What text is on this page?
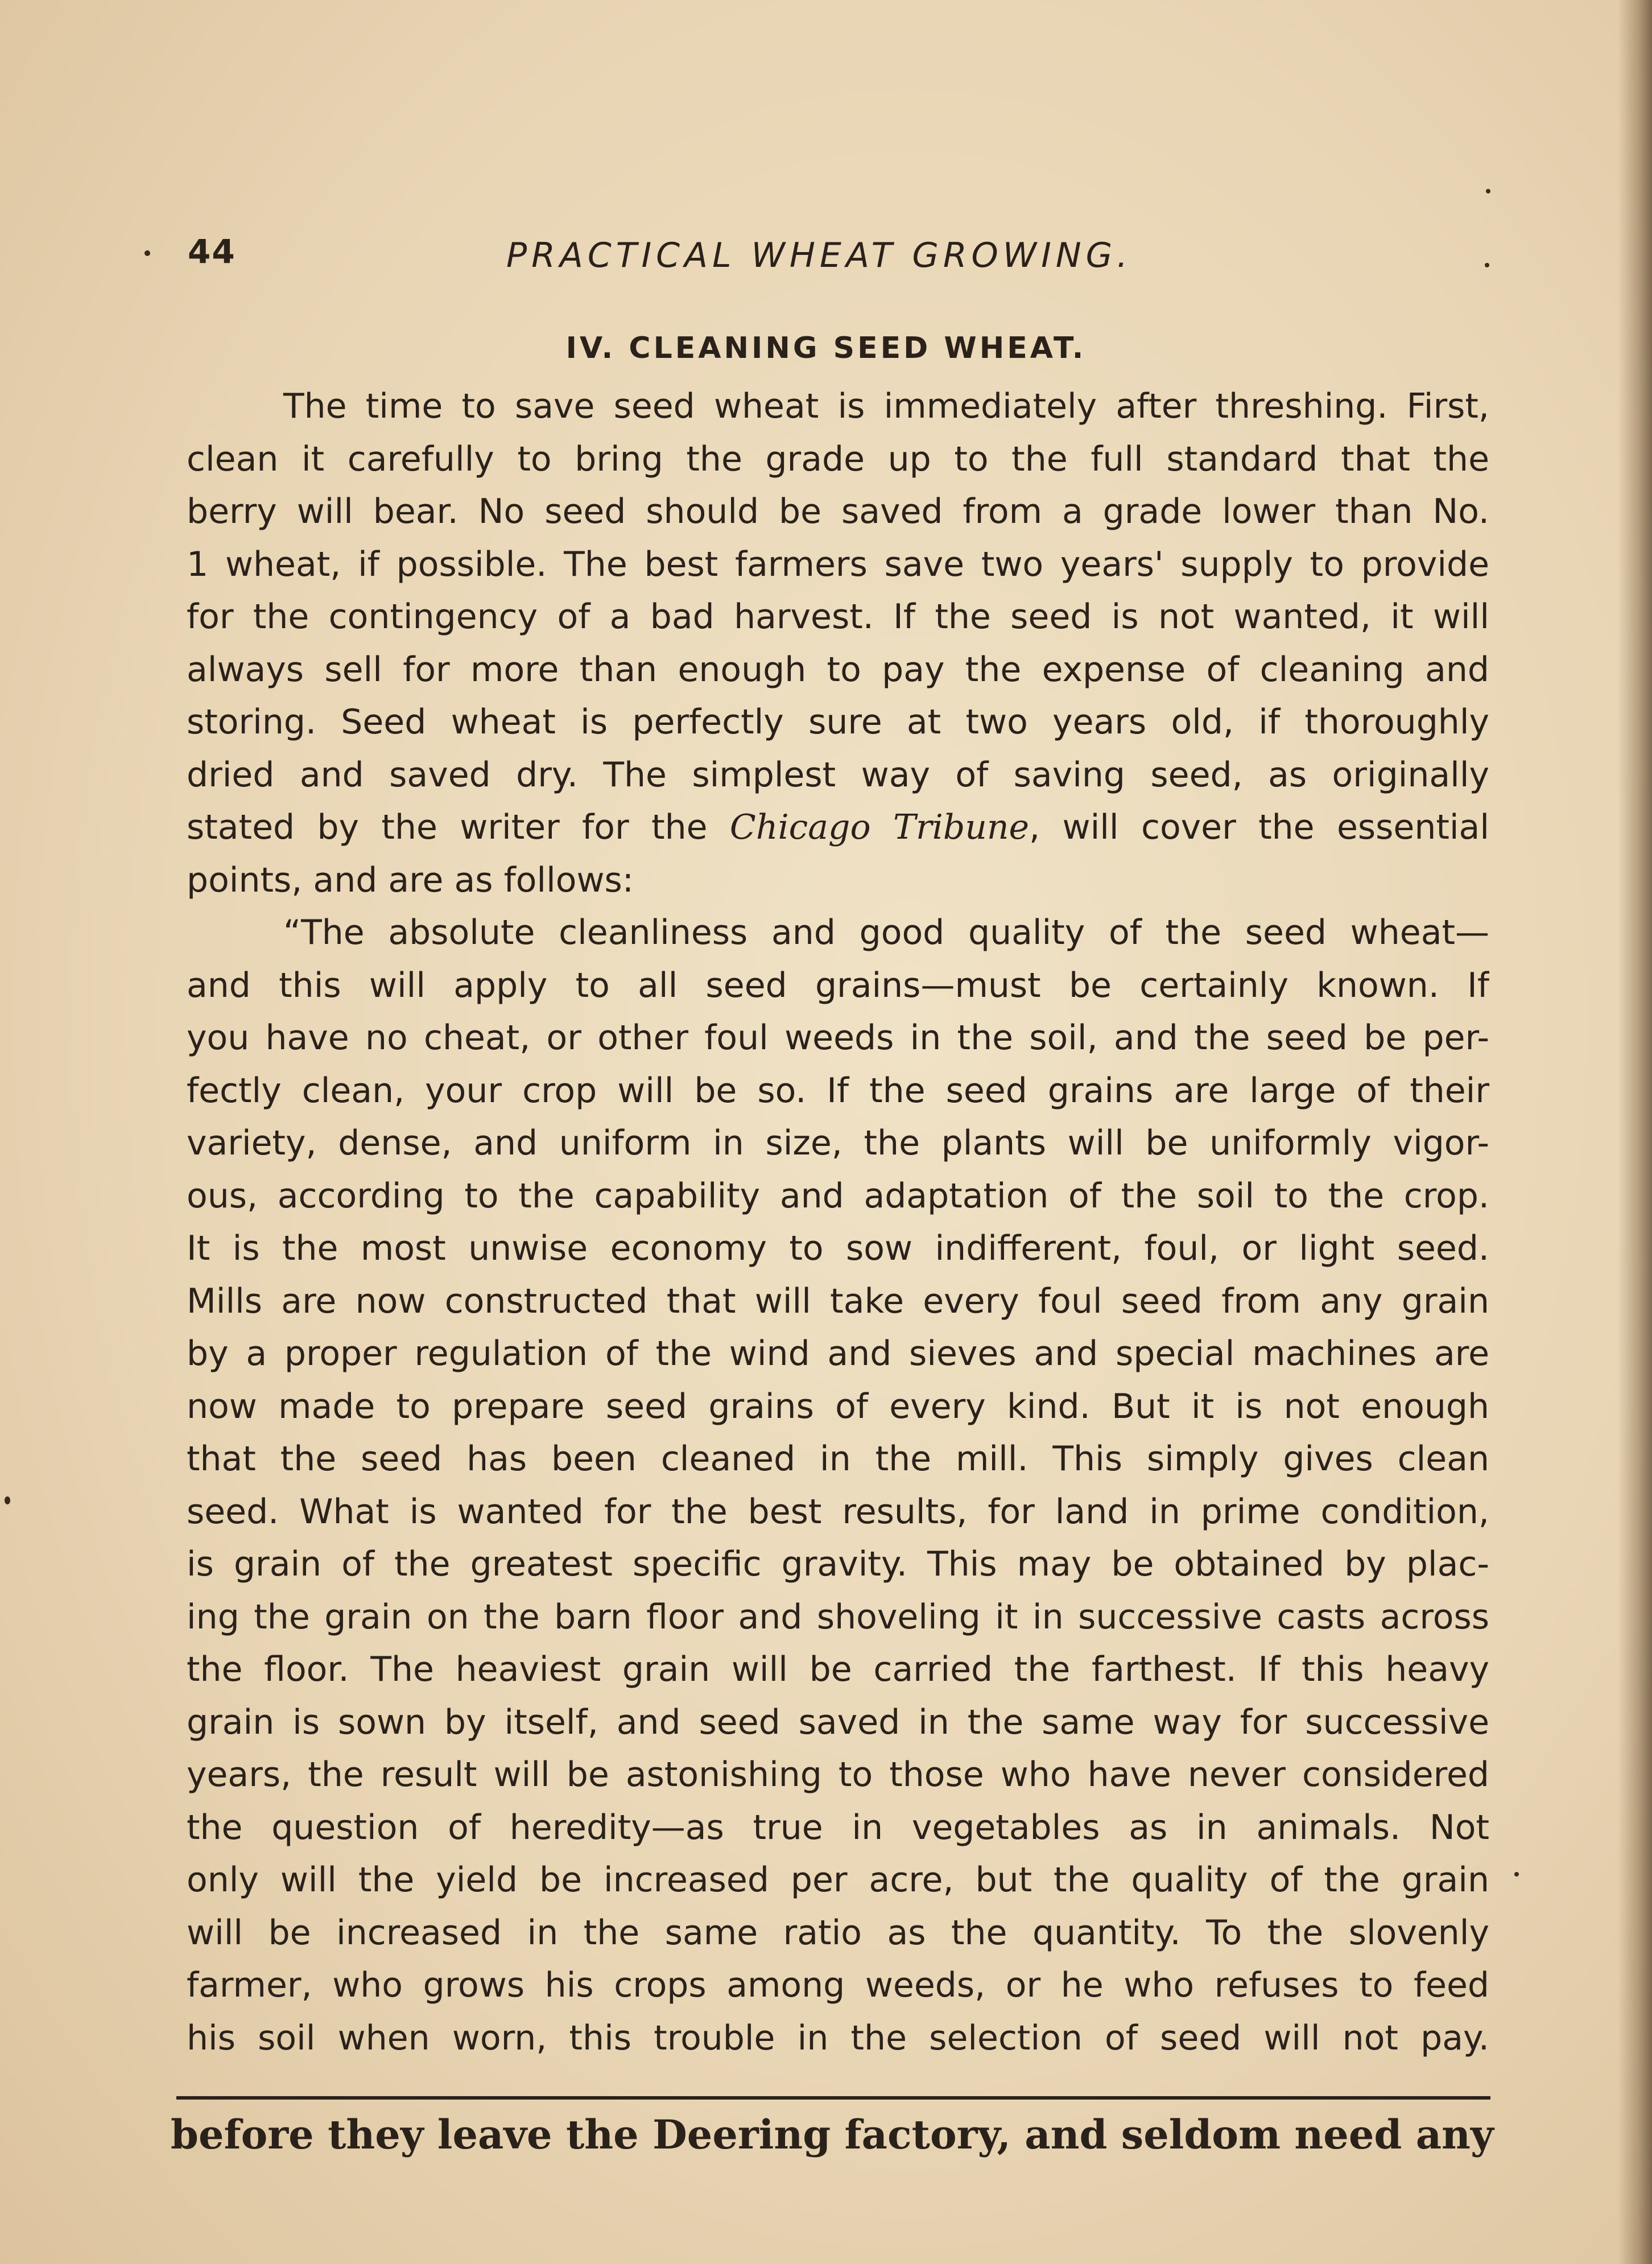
44	PRACTICAL WHEAT GROWING.
IV. CLEANING SEED WHEAT.
The time to save seed wheat is immediately after threshing. First,
clean it carefully to bring the grade up to the full standard that the
berry will bear. No seed should be saved from a grade lower than No.
1 wheat, if possible. The best farmers save two years' supply to provide
for the contingency of a bad harvest. If the seed is not wanted, it will
always sell for more than enough to pay the expense of cleaning and
storing. Seed wheat is perfectly sure at two years old, if thoroughly
dried and saved dry. The simplest way of saving seed, as originally
stated by the writer for the Chicago Tribune, will cover the essential
points, and are as follows:
“The absolute cleanliness and good quality of the seed wheat—
and this will apply to all seed grains—must be certainly known. If
you have no cheat, or other foul weeds in the soil, and the seed be per-
fectly clean, your crop will be so. If the seed grains are large of their
variety, dense, and uniform in size, the plants will be uniformly vigor-
ous, according to the capability and adaptation of the soil to the crop.
It is the most unwise economy to sow indifferent, foul, or light seed.
Mills are now constructed that will take every foul seed from any grain
by a proper regulation of the wind and sieves and special machines are
now made to prepare seed grains of every kind. But it is not enough
that the seed has been cleaned in the mill. This simply gives clean
seed. What is wanted for the best results, for land in prime condition,
is grain of the greatest specific gravity. This may be obtained by plac-
ing the grain on the barn floor and shoveling it in successive casts across
the floor. The heaviest grain will be carried the farthest. If this heavy
grain is sown by itself, and seed saved in the same way for successive
years, the result will be astonishing to those who have never considered
the question of heredity—as true in vegetables as in animals. Not
only will the yield be increased per acre, but the quality of the grain
will be increased in the same ratio as the quantity. To the slovenly
farmer, who grows his crops among weeds, or he who refuses to feed
his soil when worn, this trouble in the selection of seed will not pay.
before they leave the Deering factory, and seldom need any
